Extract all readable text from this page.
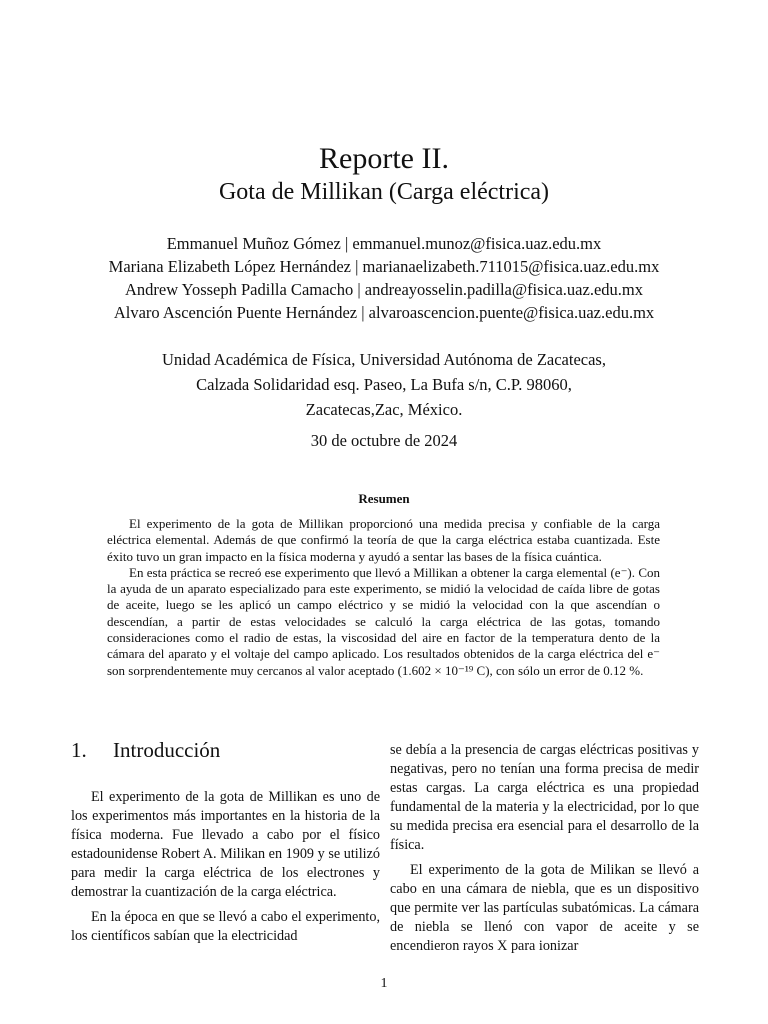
Reporte II.
Gota de Millikan (Carga eléctrica)
Emmanuel Muñoz Gómez | emmanuel.munoz@fisica.uaz.edu.mx
Mariana Elizabeth López Hernández | marianaelizabeth.711015@fisica.uaz.edu.mx
Andrew Yosseph Padilla Camacho | andreayosselin.padilla@fisica.uaz.edu.mx
Alvaro Ascención Puente Hernández | alvaroascencion.puente@fisica.uaz.edu.mx
Unidad Académica de Física, Universidad Autónoma de Zacatecas,
Calzada Solidaridad esq. Paseo, La Bufa s/n, C.P. 98060,
Zacatecas,Zac, México.
30 de octubre de 2024
Resumen

El experimento de la gota de Millikan proporcionó una medida precisa y confiable de la carga eléctrica elemental. Además de que confirmó la teoría de que la carga eléctrica estaba cuantizada. Este éxito tuvo un gran impacto en la física moderna y ayudó a sentar las bases de la física cuántica.

En esta práctica se recreó ese experimento que llevó a Millikan a obtener la carga elemental (e⁻). Con la ayuda de un aparato especializado para este experimento, se midió la velocidad de caída libre de gotas de aceite, luego se les aplicó un campo eléctrico y se midió la velocidad con la que ascendían o descendían, a partir de estas velocidades se calculó la carga eléctrica de las gotas, tomando consideraciones como el radio de estas, la viscosidad del aire en factor de la temperatura dento de la cámara del aparato y el voltaje del campo aplicado. Los resultados obtenidos de la carga eléctrica del e⁻ son sorprendentemente muy cercanos al valor aceptado (1.602 × 10⁻¹⁹ C), con sólo un error de 0.12 %.

1. Introducción

El experimento de la gota de Millikan es uno de los experimentos más importantes en la historia de la física moderna. Fue llevado a cabo por el físico estadounidense Robert A. Milikan en 1909 y se utilizó para medir la carga eléctrica de los electrones y demostrar la cuantización de la carga eléctrica.

En la época en que se llevó a cabo el experimento, los científicos sabían que la electricidad

se debía a la presencia de cargas eléctricas positivas y negativas, pero no tenían una forma precisa de medir estas cargas. La carga eléctrica es una propiedad fundamental de la materia y la electricidad, por lo que su medida precisa era esencial para el desarrollo de la física.

El experimento de la gota de Milikan se llevó a cabo en una cámara de niebla, que es un dispositivo que permite ver las partículas subatómicas. La cámara de niebla se llenó con vapor de aceite y se encendieron rayos X para ionizar

1
